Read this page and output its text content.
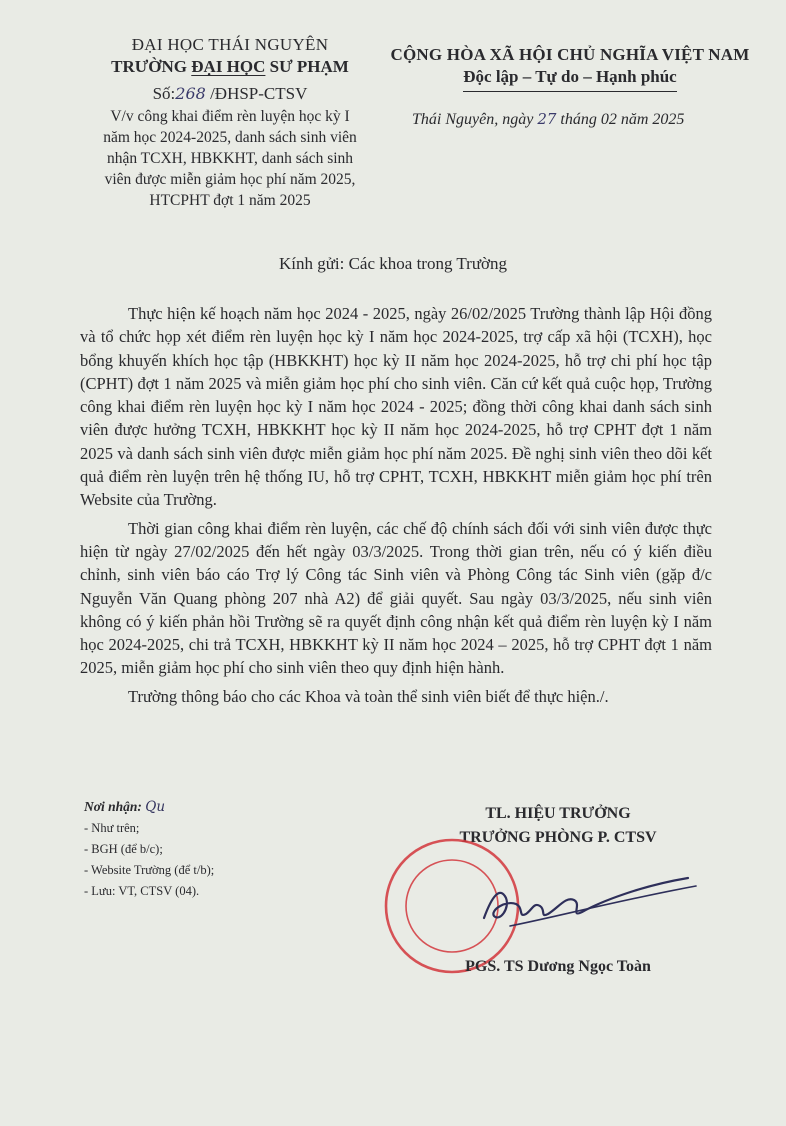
ĐẠI HỌC THÁI NGUYÊN
TRƯỜNG ĐẠI HỌC SƯ PHẠM
Số:268 /ĐHSP-CTSV
V/v công khai điểm rèn luyện học kỳ I
năm học 2024-2025, danh sách sinh viên
nhận TCXH, HBKKHT, danh sách sinh
viên được miễn giảm học phí năm 2025,
HTCPHT đợt 1 năm 2025
CỘNG HÒA XÃ HỘI CHỦ NGHĨA VIỆT NAM
Độc lập – Tự do – Hạnh phúc
Thái Nguyên, ngày 27 tháng 02 năm 2025
Kính gửi: Các khoa trong Trường

Thực hiện kế hoạch năm học 2024 - 2025, ngày 26/02/2025 Trường thành lập Hội đồng và tổ chức họp xét điểm rèn luyện học kỳ I năm học 2024-2025, trợ cấp xã hội (TCXH), học bổng khuyến khích học tập (HBKKHT) học kỳ II năm học 2024-2025, hỗ trợ chi phí học tập (CPHT) đợt 1 năm 2025 và miễn giảm học phí cho sinh viên. Căn cứ kết quả cuộc họp, Trường công khai điểm rèn luyện học kỳ I năm học 2024 - 2025; đồng thời công khai danh sách sinh viên được hưởng TCXH, HBKKHT học kỳ II năm học 2024-2025, hỗ trợ CPHT đợt 1 năm 2025 và danh sách sinh viên được miễn giảm học phí năm 2025. Đề nghị sinh viên theo dõi kết quả điểm rèn luyện trên hệ thống IU, hỗ trợ CPHT, TCXH, HBKKHT miễn giảm học phí trên Website của Trường.

Thời gian công khai điểm rèn luyện, các chế độ chính sách đối với sinh viên được thực hiện từ ngày 27/02/2025 đến hết ngày 03/3/2025. Trong thời gian trên, nếu có ý kiến điều chỉnh, sinh viên báo cáo Trợ lý Công tác Sinh viên và Phòng Công tác Sinh viên (gặp đ/c Nguyễn Văn Quang phòng 207 nhà A2) để giải quyết. Sau ngày 03/3/2025, nếu sinh viên không có ý kiến phản hồi Trường sẽ ra quyết định công nhận kết quả điểm rèn luyện kỳ I năm học 2024-2025, chi trả TCXH, HBKKHT kỳ II năm học 2024 – 2025, hỗ trợ CPHT đợt 1 năm 2025, miễn giảm học phí cho sinh viên theo quy định hiện hành.

Trường thông báo cho các Khoa và toàn thể sinh viên biết để thực hiện./.

Nơi nhận: Qu
- Như trên;
- BGH (để b/c);
- Website Trường (để t/b);
- Lưu: VT, CTSV (04).
TL. HIỆU TRƯỞNG
TRƯỞNG PHÒNG P. CTSV
PGS. TS Dương Ngọc Toàn
